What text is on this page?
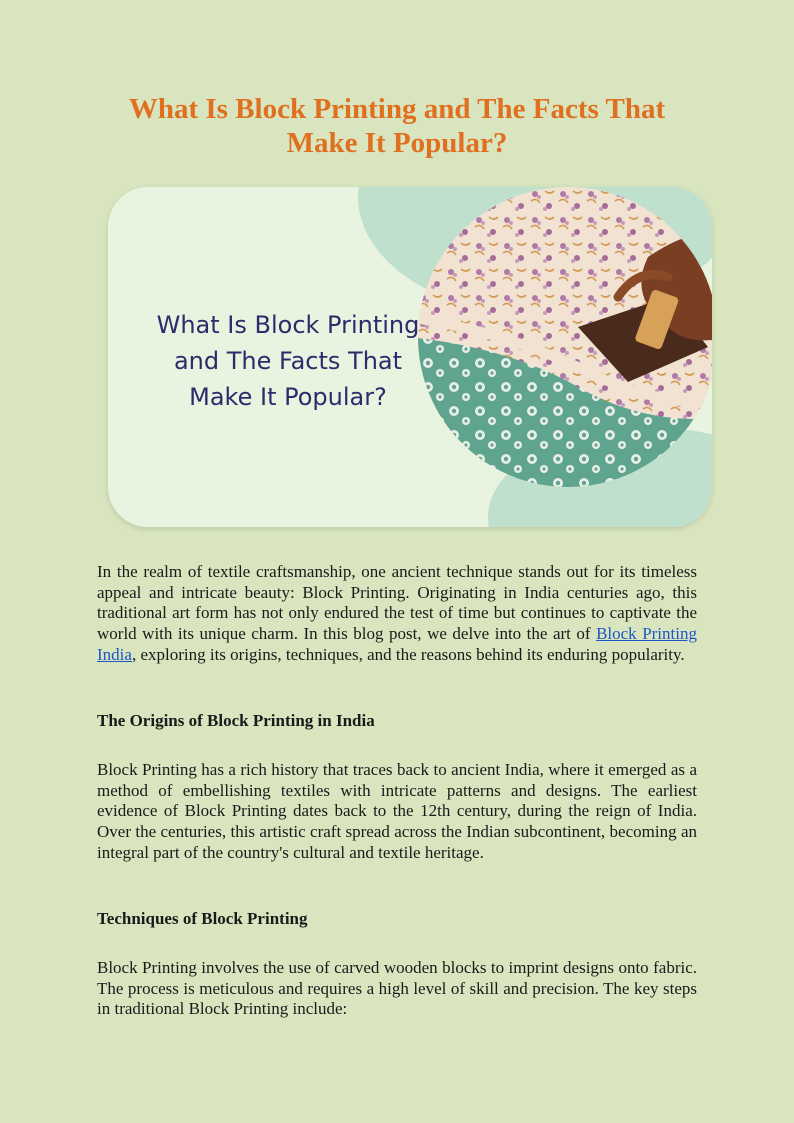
What Is Block Printing and The Facts That
Make It Popular?
What Is Block Printing
and The Facts That
Make It Popular?

In the realm of textile craftsmanship, one ancient technique stands out for its timeless appeal and intricate beauty: Block Printing. Originating in India centuries ago, this traditional art form has not only endured the test of time but continues to captivate the world with its unique charm. In this blog post, we delve into the art of Block Printing India, exploring its origins, techniques, and the reasons behind its enduring popularity.

The Origins of Block Printing in India

Block Printing has a rich history that traces back to ancient India, where it emerged as a method of embellishing textiles with intricate patterns and designs. The earliest evidence of Block Printing dates back to the 12th century, during the reign of India. Over the centuries, this artistic craft spread across the Indian subcontinent, becoming an integral part of the country's cultural and textile heritage.

Techniques of Block Printing

Block Printing involves the use of carved wooden blocks to imprint designs onto fabric. The process is meticulous and requires a high level of skill and precision. The key steps in traditional Block Printing include:
